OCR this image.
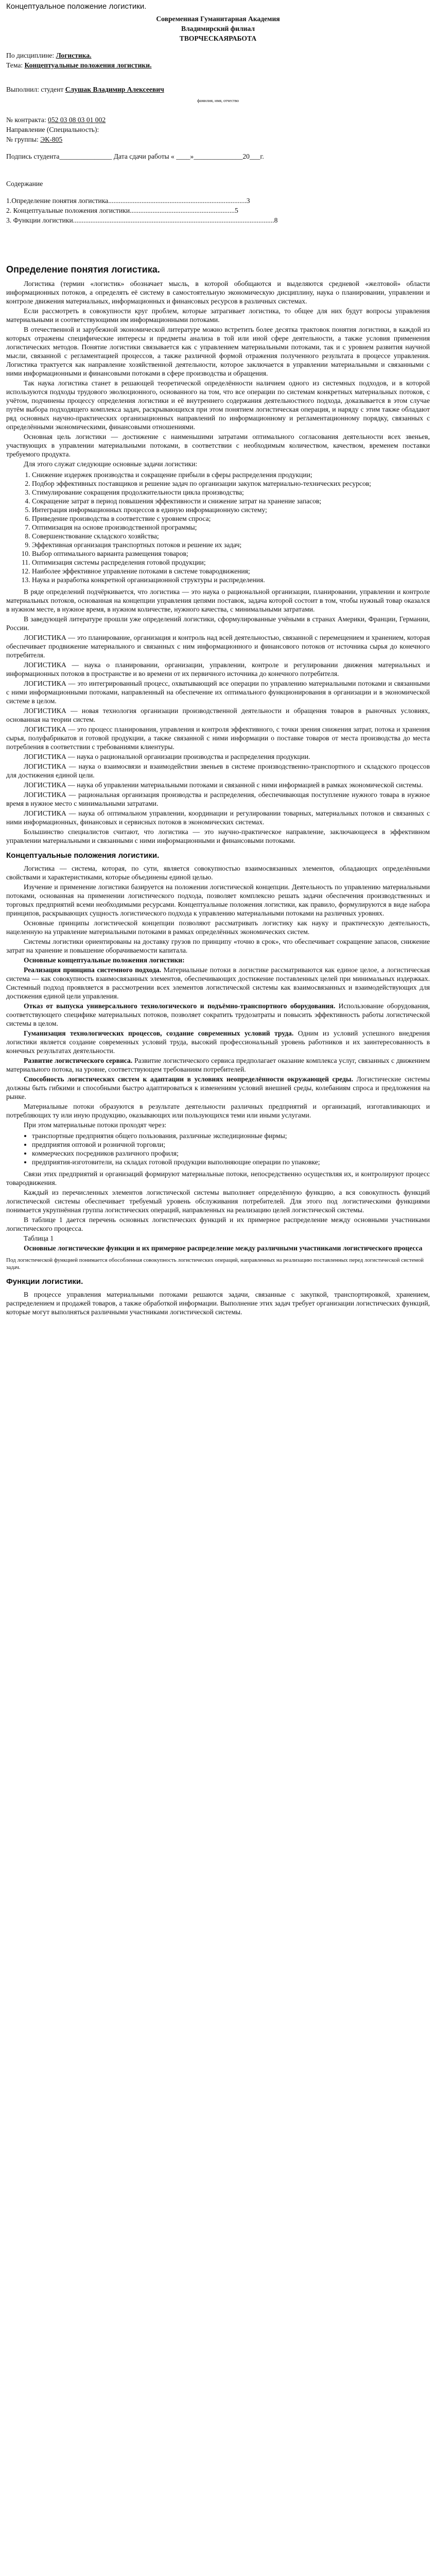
Концептуальное положение логистики.

Современная Гуманитарная Академия

Владимирский филиал

ТВОРЧЕСКАЯРАБОТА

По дисциплине: Логистика.

Тема: Концептуальные положения логистики.

Выполнил: студент Слушак Владимир Алексеевич

фамилия, имя, отчество

№ контракта: 052 03 08 03 01 002

Направление (Специальность):

№ группы: ЭК-805

Подпись студента_______________ Дата сдачи работы « ____»______________20___г.

Содержание

1.Определение понятия логистика...............................................................................3

2. Концептуальные положения логистики............................................................5

3. Функции логистики...................................................................................................................8

Определение понятия логистика.

Логистика (термин «логистик» обозначает мысль, в которой обобщаются и выделяются средневой «желтовой» области информационных потоков, а определять её систему в самостоятельную экономическую дисциплину, наука о планировании, управлении и контроле движения материальных, информационных и финансовых ресурсов в различных системах.

Если рассмотреть в совокупности круг проблем, которые затрагивает логистика, то общее для них будут вопросы управления материальными и соответствующими им информационными потоками.

В отечественной и зарубежной экономической литературе можно встретить более десятка трактовок понятия логистики, в каждой из которых отражены специфические интересы и предметы анализа в той или иной сфере деятельности, а также условия применения логистических методов. Понятие логистики связывается как с управлением материальными потоками, так и с уровнем развития научной мысли, связанной с регламентацией процессов, а также различной формой отражения полученного результата в процессе управления. Логистика трактуется как направление хозяйственной деятельности, которое заключается в управлении материальными и связанными с ними информационными и финансовыми потоками в сфере производства и обращения.

Так наука логистика станет в решающей теоретической определённости наличием одного из системных подходов, и в которой используются подходы трудового эволюционного, основанного на том, что все операции по системам конкретных материальных потоков, с учётом, подчинены процессу определения логистики и её внутреннего содержания деятельностного подхода, доказывается в этом случае путём выбора подходящего комплекса задач, раскрывающихся при этом понятием логистическая операция, и наряду с этим также обладают ряд основных научно-практических организационных направлений по информационному и регламентационному порядку, связанных с определёнными экономическими, финансовыми отношениями.

Основная цель логистики — достижение с наименьшими затратами оптимального согласования деятельности всех звеньев, участвующих в управлении материальными потоками, в соответствии с необходимым количеством, качеством, временем поставки требуемого продукта.

Для этого служат следующие основные задачи логистики:

1. Снижение издержек производства и сокращение прибыли в сферы распределения продукции;
2. Подбор эффективных поставщиков и решение задач по организации закупок материально-технических ресурсов;
3. Стимулирование сокращения продолжительности цикла производства;
4. Сокращение затрат в период повышения эффективности и снижение затрат на хранение запасов;
5. Интеграция информационных процессов в единую информационную систему;
6. Приведение производства в соответствие с уровнем спроса;
7. Оптимизация на основе производственной программы;
8. Совершенствование складского хозяйства;
9. Эффективная организация транспортных потоков и решение их задач;
10. Выбор оптимального варианта размещения товаров;
11. Оптимизация системы распределения готовой продукции;
12. Наиболее эффективное управление потоками в системе товародвижения;
13. Наука и разработка конкретной организационной структуры и распределения.

В ряде определений подчёркивается, что логистика — это наука о рациональной организации, планировании, управлении и контроле материальных потоков, основанная на концепции управления цепями поставок, задача которой состоит в том, чтобы нужный товар оказался в нужном месте, в нужное время, в нужном количестве, нужного качества, с минимальными затратами.

В заведующей литературе прошли уже определений логистики, сформулированные учёными в странах Америки, Франции, Германии, России.

ЛОГИСТИКА — это планирование, организация и контроль над всей деятельностью, связанной с перемещением и хранением, которая обеспечивает продвижение материального и связанных с ним информационного и финансового потоков от источника сырья до конечного потребителя.

ЛОГИСТИКА — наука о планировании, организации, управлении, контроле и регулировании движения материальных и информационных потоков в пространстве и во времени от их первичного источника до конечного потребителя.

ЛОГИСТИКА — это интегрированный процесс, охватывающий все операции по управлению материальными потоками и связанными с ними информационными потоками, направленный на обеспечение их оптимального функционирования в организации и в экономической системе в целом.

ЛОГИСТИКА — новая технология организации производственной деятельности и обращения товаров в рыночных условиях, основанная на теории систем.

ЛОГИСТИКА — это процесс планирования, управления и контроля эффективного, с точки зрения снижения затрат, потока и хранения сырья, полуфабрикатов и готовой продукции, а также связанной с ними информации о поставке товаров от места производства до места потребления в соответствии с требованиями клиентуры.

ЛОГИСТИКА — наука о рациональной организации производства и распределения продукции.

ЛОГИСТИКА — наука о взаимосвязи и взаимодействии звеньев в системе производственно-транспортного и складского процессов для достижения единой цели.

ЛОГИСТИКА — наука об управлении материальными потоками и связанной с ними информацией в рамках экономической системы.

ЛОГИСТИКА — рациональная организация производства и распределения, обеспечивающая поступление нужного товара в нужное время в нужное место с минимальными затратами.

ЛОГИСТИКА — наука об оптимальном управлении, координации и регулировании товарных, материальных потоков и связанных с ними информационных, финансовых и сервисных потоков в экономических системах.

Большинство специалистов считают, что логистика — это научно-практическое направление, заключающееся в эффективном управлении материальными и связанными с ними информационными и финансовыми потоками.

Концептуальные положения логистики.

Логистика — система, которая, по сути, является совокупностью взаимосвязанных элементов, обладающих определёнными свойствами и характеристиками, которые объединены единой целью.

Изучение и применение логистики базируется на положении логистической концепции. Деятельность по управлению материальными потоками, основанная на применении логистического подхода, позволяет комплексно решать задачи обеспечения производственных и торговых предприятий всеми необходимыми ресурсами. Концептуальные положения логистики, как правило, формулируются в виде набора принципов, раскрывающих сущность логистического подхода к управлению материальными потоками на различных уровнях.

Основные принципы логистической концепции позволяют рассматривать логистику как науку и практическую деятельность, нацеленную на управление материальными потоками в рамках определённых экономических систем.

Системы логистики ориентированы на доставку грузов по принципу «точно в срок», что обеспечивает сокращение запасов, снижение затрат на хранение и повышение оборачиваемости капитала.

Основные концептуальные положения логистики:

Реализация принципа системного подхода. Материальные потоки в логистике рассматриваются как единое целое, а логистическая система — как совокупность взаимосвязанных элементов, обеспечивающих достижение поставленных целей при минимальных издержках. Системный подход проявляется в рассмотрении всех элементов логистической системы как взаимосвязанных и взаимодействующих для достижения единой цели управления.

Отказ от выпуска универсального технологического и подъёмно-транспортного оборудования. Использование оборудования, соответствующего специфике материальных потоков, позволяет сократить трудозатраты и повысить эффективность работы логистической системы в целом.

Гуманизация технологических процессов, создание современных условий труда. Одним из условий успешного внедрения логистики является создание современных условий труда, высокий профессиональный уровень работников и их заинтересованность в конечных результатах деятельности.

Развитие логистического сервиса. Развитие логистического сервиса предполагает оказание комплекса услуг, связанных с движением материального потока, на уровне, соответствующем требованиям потребителей.

Способность логистических систем к адаптации в условиях неопределённости окружающей среды. Логистические системы должны быть гибкими и способными быстро адаптироваться к изменениям условий внешней среды, колебаниям спроса и предложения на рынке.

Материальные потоки образуются в результате деятельности различных предприятий и организаций, изготавливающих и потребляющих ту или иную продукцию, оказывающих или пользующихся теми или иными услугами.

При этом материальные потоки проходят через:

• транспортные предприятия общего пользования, различные экспедиционные фирмы;
• предприятия оптовой и розничной торговли;
• коммерческих посредников различного профиля;
• предприятия-изготовители, на складах готовой продукции выполняющие операции по упаковке;

Связи этих предприятий и организаций формируют материальные потоки, непосредственно осуществляя их, и контролируют процесс товародвижения.

Каждый из перечисленных элементов логистической системы выполняет определённую функцию, а вся совокупность функций логистической системы обеспечивает требуемый уровень обслуживания потребителей. Для этого под логистическими функциями понимается укрупнённая группа логистических операций, направленных на реализацию целей логистической системы.

В таблице 1 дается перечень основных логистических функций и их примерное распределение между основными участниками логистического процесса.

Таблица 1

Основные логистические функции и их примерное распределение между различными участниками логистического процесса

Под логистической функцией понимается обособленная совокупность логистических операций, направленных на реализацию поставленных перед логистической системой задач.

Функции логистики.

В процессе управления материальными потоками решаются задачи, связанные с закупкой, транспортировкой, хранением, распределением и продажей товаров, а также обработкой информации. Выполнение этих задач требует организации логистических функций, которые могут выполняться различными участниками логистической системы.
